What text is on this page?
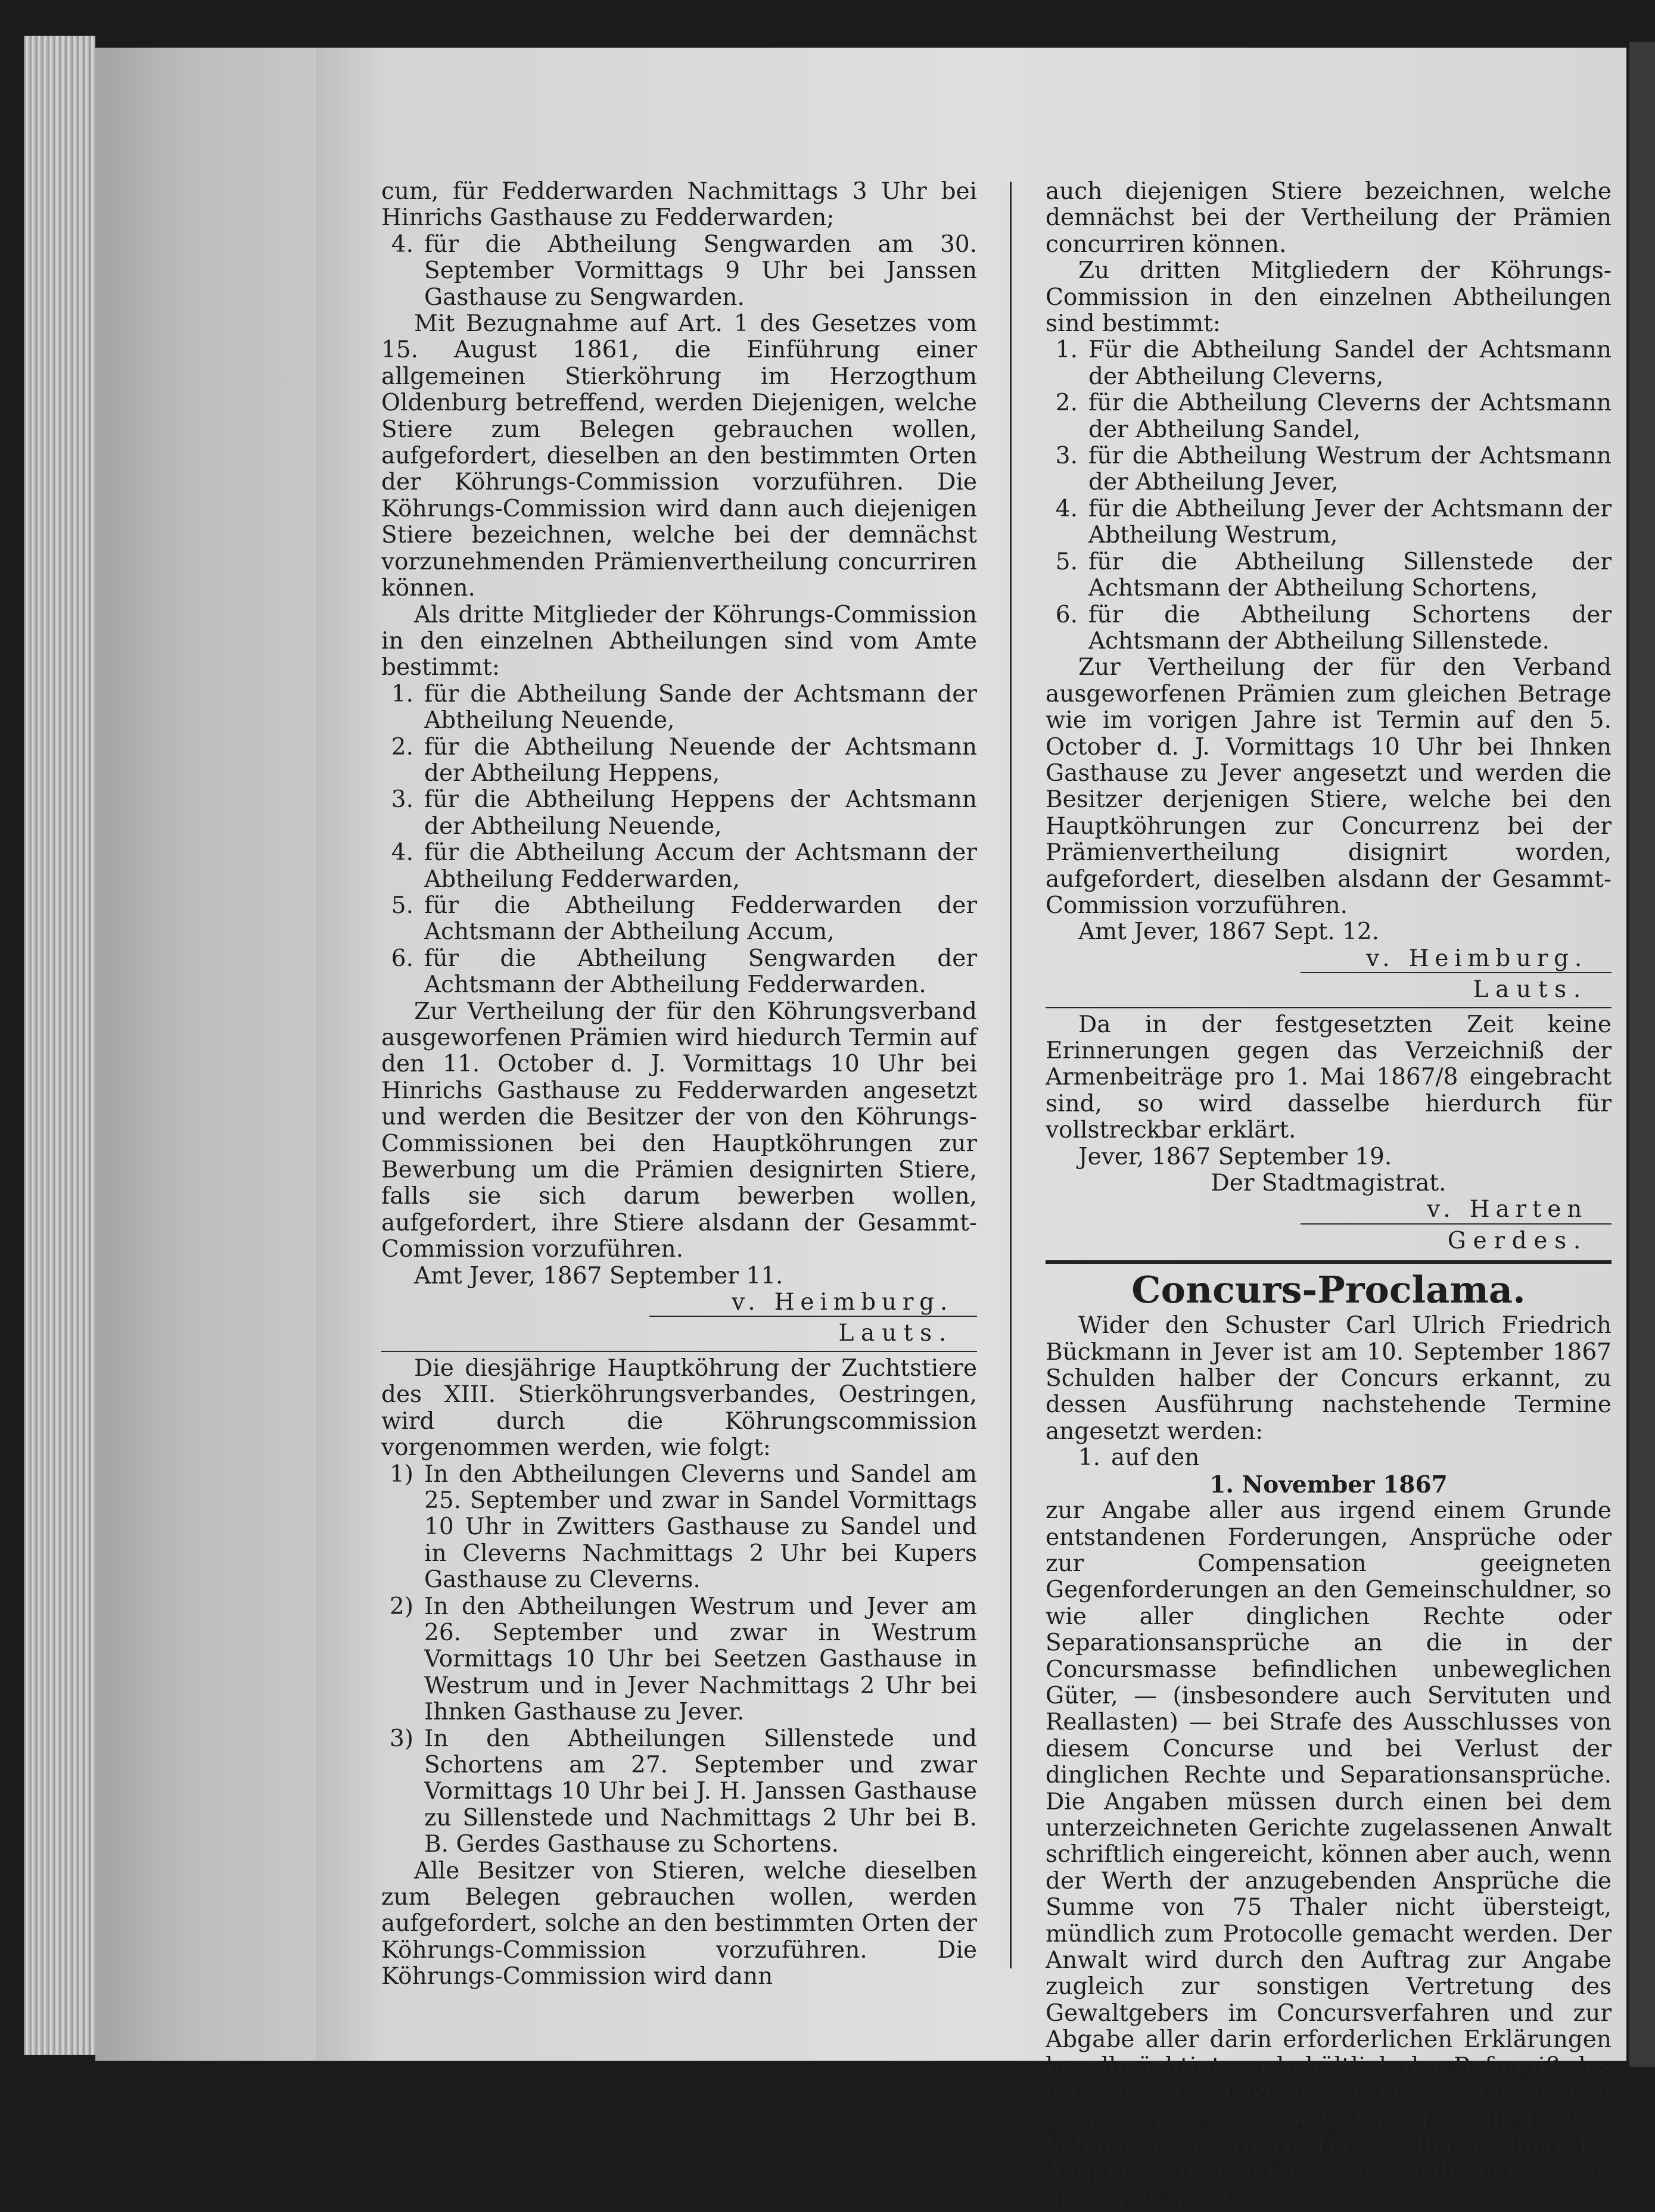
cum, für Fedderwarden Nachmittags 3 Uhr bei Hinrichs Gasthause zu Fedderwarden;

4. für die Abtheilung Sengwarden am 30. September Vormittags 9 Uhr bei Janssen Gasthause zu Sengwarden.

Mit Bezugnahme auf Art. 1 des Gesetzes vom 15. August 1861, die Einführung einer allgemeinen Stierköhrung im Herzogthum Oldenburg betreffend, werden Diejenigen, welche Stiere zum Belegen gebrauchen wollen, aufgefordert, dieselben an den bestimmten Orten der Köhrungs-Commission vorzuführen. Die Köhrungs-Commission wird dann auch diejenigen Stiere bezeichnen, welche bei der demnächst vorzunehmenden Prämienvertheilung concurriren können.

Als dritte Mitglieder der Köhrungs-Commission in den einzelnen Abtheilungen sind vom Amte bestimmt:

1. für die Abtheilung Sande der Achtsmann der Abtheilung Neuende,
2. für die Abtheilung Neuende der Achtsmann der Abtheilung Heppens,
3. für die Abtheilung Heppens der Achtsmann der Abtheilung Neuende,
4. für die Abtheilung Accum der Achtsmann der Abtheilung Fedderwarden,
5. für die Abtheilung Fedderwarden der Achtsmann der Abtheilung Accum,
6. für die Abtheilung Sengwarden der Achtsmann der Abtheilung Fedderwarden.

Zur Vertheilung der für den Köhrungsverband ausgeworfenen Prämien wird hiedurch Termin auf den 11. October d. J. Vormittags 10 Uhr bei Hinrichs Gasthause zu Fedderwarden angesetzt und werden die Besitzer der von den Köhrungs-Commissionen bei den Hauptköhrungen zur Bewerbung um die Prämien designirten Stiere, falls sie sich darum bewerben wollen, aufgefordert, ihre Stiere alsdann der Gesammt-Commission vorzuführen.

Amt Jever, 1867 September 11.

v. Heimburg.

Lauts.

Die diesjährige Hauptköhrung der Zuchtstiere des XIII. Stierköhrungsverbandes, Oestringen, wird durch die Köhrungscommission vorgenommen werden, wie folgt:

1) In den Abtheilungen Cleverns und Sandel am 25. September und zwar in Sandel Vormittags 10 Uhr in Zwitters Gasthause zu Sandel und in Cleverns Nachmittags 2 Uhr bei Kupers Gasthause zu Cleverns.
2) In den Abtheilungen Westrum und Jever am 26. September und zwar in Westrum Vormittags 10 Uhr bei Seetzen Gasthause in Westrum und in Jever Nachmittags 2 Uhr bei Ihnken Gasthause zu Jever.
3) In den Abtheilungen Sillenstede und Schortens am 27. September und zwar Vormittags 10 Uhr bei J. H. Janssen Gasthause zu Sillenstede und Nachmittags 2 Uhr bei B. B. Gerdes Gasthause zu Schortens.

Alle Besitzer von Stieren, welche dieselben zum Belegen gebrauchen wollen, werden aufgefordert, solche an den bestimmten Orten der Köhrungs-Commission vorzuführen. Die Köhrungs-Commission wird dann

auch diejenigen Stiere bezeichnen, welche demnächst bei der Vertheilung der Prämien concurriren können.

Zu dritten Mitgliedern der Köhrungs-Commission in den einzelnen Abtheilungen sind bestimmt:

1. Für die Abtheilung Sandel der Achtsmann der Abtheilung Cleverns,
2. für die Abtheilung Cleverns der Achtsmann der Abtheilung Sandel,
3. für die Abtheilung Westrum der Achtsmann der Abtheilung Jever,
4. für die Abtheilung Jever der Achtsmann der Abtheilung Westrum,
5. für die Abtheilung Sillenstede der Achtsmann der Abtheilung Schortens,
6. für die Abtheilung Schortens der Achtsmann der Abtheilung Sillenstede.

Zur Vertheilung der für den Verband ausgeworfenen Prämien zum gleichen Betrage wie im vorigen Jahre ist Termin auf den 5. October d. J. Vormittags 10 Uhr bei Ihnken Gasthause zu Jever angesetzt und werden die Besitzer derjenigen Stiere, welche bei den Hauptköhrungen zur Concurrenz bei der Prämienvertheilung disignirt worden, aufgefordert, dieselben alsdann der Gesammt-Commission vorzuführen.

Amt Jever, 1867 Sept. 12.

v. Heimburg.

Lauts.

Da in der festgesetzten Zeit keine Erinnerungen gegen das Verzeichniß der Armenbeiträge pro 1. Mai 1867/8 eingebracht sind, so wird dasselbe hierdurch für vollstreckbar erklärt.

Jever, 1867 September 19.

Der Stadtmagistrat.

v. Harten

Gerdes.

Concurs-Proclama.

Wider den Schuster Carl Ulrich Friedrich Bückmann in Jever ist am 10. September 1867 Schulden halber der Concurs erkannt, zu dessen Ausführung nachstehende Termine angesetzt werden:

1. auf den

1. November 1867

zur Angabe aller aus irgend einem Grunde entstandenen Forderungen, Ansprüche oder zur Compensation geeigneten Gegenforderungen an den Gemeinschuldner, so wie aller dinglichen Rechte oder Separationsansprüche an die in der Concursmasse befindlichen unbeweglichen Güter, — (insbesondere auch Servituten und Reallasten) — bei Strafe des Ausschlusses von diesem Concurse und bei Verlust der dinglichen Rechte und Separationsansprüche. Die Angaben müssen durch einen bei dem unterzeichneten Gerichte zugelassenen Anwalt schriftlich eingereicht, können aber auch, wenn der Werth der anzugebenden Ansprüche die Summe von 75 Thaler nicht übersteigt, mündlich zum Protocolle gemacht werden. Der Anwalt wird durch den Auftrag zur Angabe zugleich zur sonstigen Vertretung des Gewaltgebers im Concursverfahren und zur Abgabe aller darin erforderlichen Erklärungen bevollmächtigt, vorbehältlich der Befugniß des Gerichts, in einzelnen Fällen, nach seinem Ermessen, die Beibringung schriftlicher Vollmacht zu fordern. Die zur Begründung der Angabe dienenden Beweisthümer sind derselben, bei Vermei-
